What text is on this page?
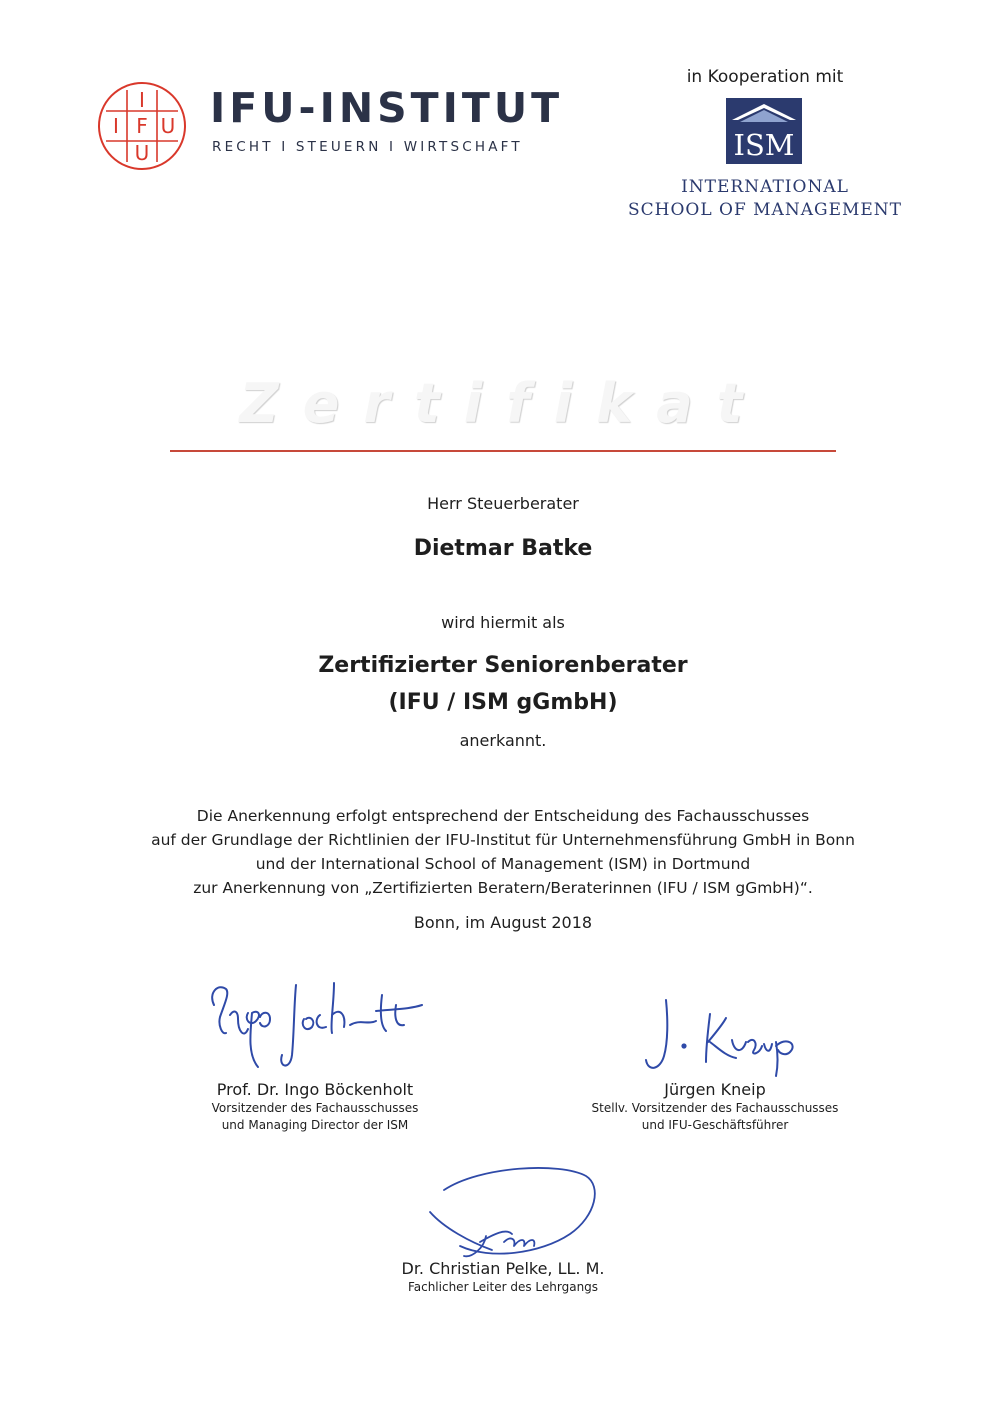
I
I F U
U
IFU-INSTITUT
RECHT I STEUERN I WIRTSCHAFT
in Kooperation mit
ISM
INTERNATIONAL
SCHOOL OF MANAGEMENT
Zertifikat
Herr Steuerberater
Dietmar Batke
wird hiermit als
Zertifizierter Seniorenberater
(IFU / ISM gGmbH)
anerkannt.
Die Anerkennung erfolgt entsprechend der Entscheidung des Fachausschusses
auf der Grundlage der Richtlinien der IFU-Institut für Unternehmensführung GmbH in Bonn
und der International School of Management (ISM) in Dortmund
zur Anerkennung von „Zertifizierten Beratern/Beraterinnen (IFU / ISM gGmbH)“.
Bonn, im August 2018
Prof. Dr. Ingo Böckenholt
Vorsitzender des Fachausschusses
und Managing Director der ISM
Jürgen Kneip
Stellv. Vorsitzender des Fachausschusses
und IFU-Geschäftsführer
Dr. Christian Pelke, LL. M.
Fachlicher Leiter des Lehrgangs
